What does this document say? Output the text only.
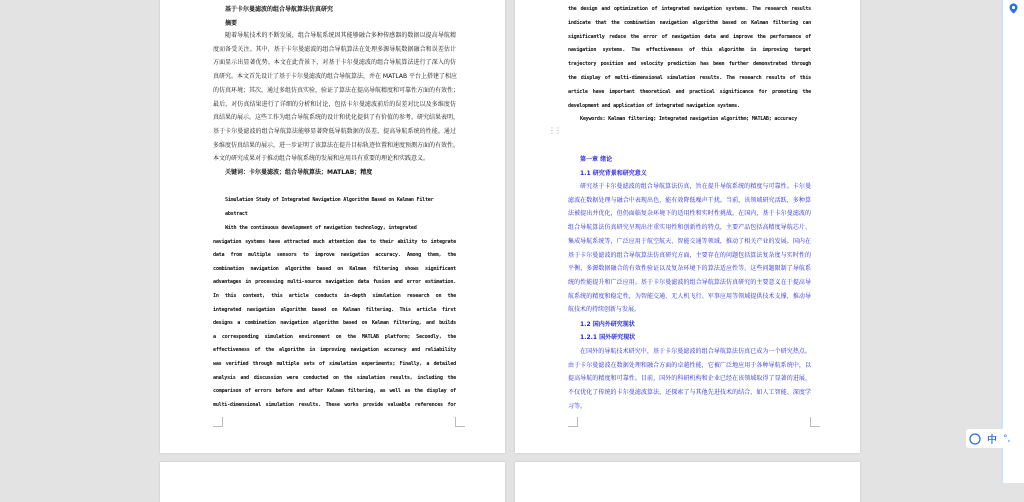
基于卡尔曼滤波的组合导航算法仿真研究
摘要
随着导航技术的不断发展，组合导航系统因其能够融合多种传感器的数据以提高导航精
度而备受关注。其中，基于卡尔曼滤波的组合导航算法在处理多源导航数据融合和误差估计
方面显示出显著优势。本文在此背景下，对基于卡尔曼滤波的组合导航算法进行了深入的仿
真研究。本文首先设计了基于卡尔曼滤波的组合导航算法，并在 MATLAB 平台上搭建了相应
的仿真环境；其次，通过多组仿真实验，验证了算法在提高导航精度和可靠性方面的有效性；
最后，对仿真结果进行了详细的分析和讨论，包括卡尔曼滤波前后的误差对比以及多维度仿
真结果的展示。这些工作为组合导航系统的设计和优化提供了有价值的参考。研究结果表明，
基于卡尔曼滤波的组合导航算法能够显著降低导航数据的误差，提高导航系统的性能。通过
多维度仿真结果的展示，进一步证明了该算法在提升目标轨迹位置和速度预测方面的有效性。
本文的研究成果对于推动组合导航系统的发展和应用具有重要的理论和实践意义。
关键词：卡尔曼滤波；组合导航算法；MATLAB；精度
Simulation Study of Integrated Navigation Algorithm Based on Kalman Filter
abstract
With the continuous development of navigation technology, integrated
navigation systems have attracted much attention due to their ability to integrate
data from multiple sensors to improve navigation accuracy. Among them, the
combination navigation algorithm based on Kalman filtering shows significant
advantages in processing multi-source navigation data fusion and error estimation.
In this context, this article conducts in-depth simulation research on the
integrated navigation algorithm based on Kalman filtering. This article first
designs a combination navigation algorithm based on Kalman filtering, and builds
a corresponding simulation environment on the MATLAB platform; Secondly, the
effectiveness of the algorithm in improving navigation accuracy and reliability
was verified through multiple sets of simulation experiments; Finally, a detailed
analysis and discussion were conducted on the simulation results, including the
comparison of errors before and after Kalman filtering, as well as the display of
multi-dimensional simulation results. These works provide valuable references for
the design and optimization of integrated navigation systems. The research results
indicate that the combination navigation algorithm based on Kalman filtering can
significantly reduce the error of navigation data and improve the performance of
navigation systems. The effectiveness of this algorithm in improving target
trajectory position and velocity prediction has been further demonstrated through
the display of multi-dimensional simulation results. The research results of this
article have important theoretical and practical significance for promoting the
development and application of integrated navigation systems.
Keywords: Kalman filtering; Integrated navigation algorithm; MATLAB; accuracy
第一章 绪论
1.1 研究背景和研究意义
研究基于卡尔曼滤波的组合导航算法仿真，旨在提升导航系统的精度与可靠性。卡尔曼
滤波在数据处理与融合中表现出色，能有效降低噪声干扰。当前，该领域研究活跃，多种算
法被提出并优化，但仍面临复杂环境下的适用性和实时性挑战。在国内，基于卡尔曼滤波的
组合导航算法仿真研究呈现出注重实用性和创新性的特点，主要产品包括高精度导航芯片、
集成导航系统等，广泛应用于航空航天、智能交通等领域，推动了相关产业的发展。国内在
基于卡尔曼滤波的组合导航算法仿真研究方面，主要存在的问题包括算法复杂度与实时性的
平衡、多源数据融合的有效性验证以及复杂环境下的算法适应性等。这些问题限制了导航系
统的性能提升和广泛应用。基于卡尔曼滤波的组合导航算法仿真研究的主要意义在于提高导
航系统的精度和稳定性，为智能交通、无人机飞行、军事应用等领域提供技术支撑，推动导
航技术的持续创新与发展。
1.2 国内外研究现状
1.2.1 国外研究现状
在国外的导航技术研究中，基于卡尔曼滤波的组合导航算法仿真已成为一个研究热点。
由于卡尔曼滤波在数据处理和融合方面的卓越性能，它被广泛地应用于各种导航系统中，以
提高导航的精度和可靠性。目前，国外的科研机构和企业已经在该领域取得了显著的进展，
不仅优化了传统的卡尔曼滤波算法，还探索了与其他先进技术的结合，如人工智能、深度学
习等。
⋮⋮
中 °,
